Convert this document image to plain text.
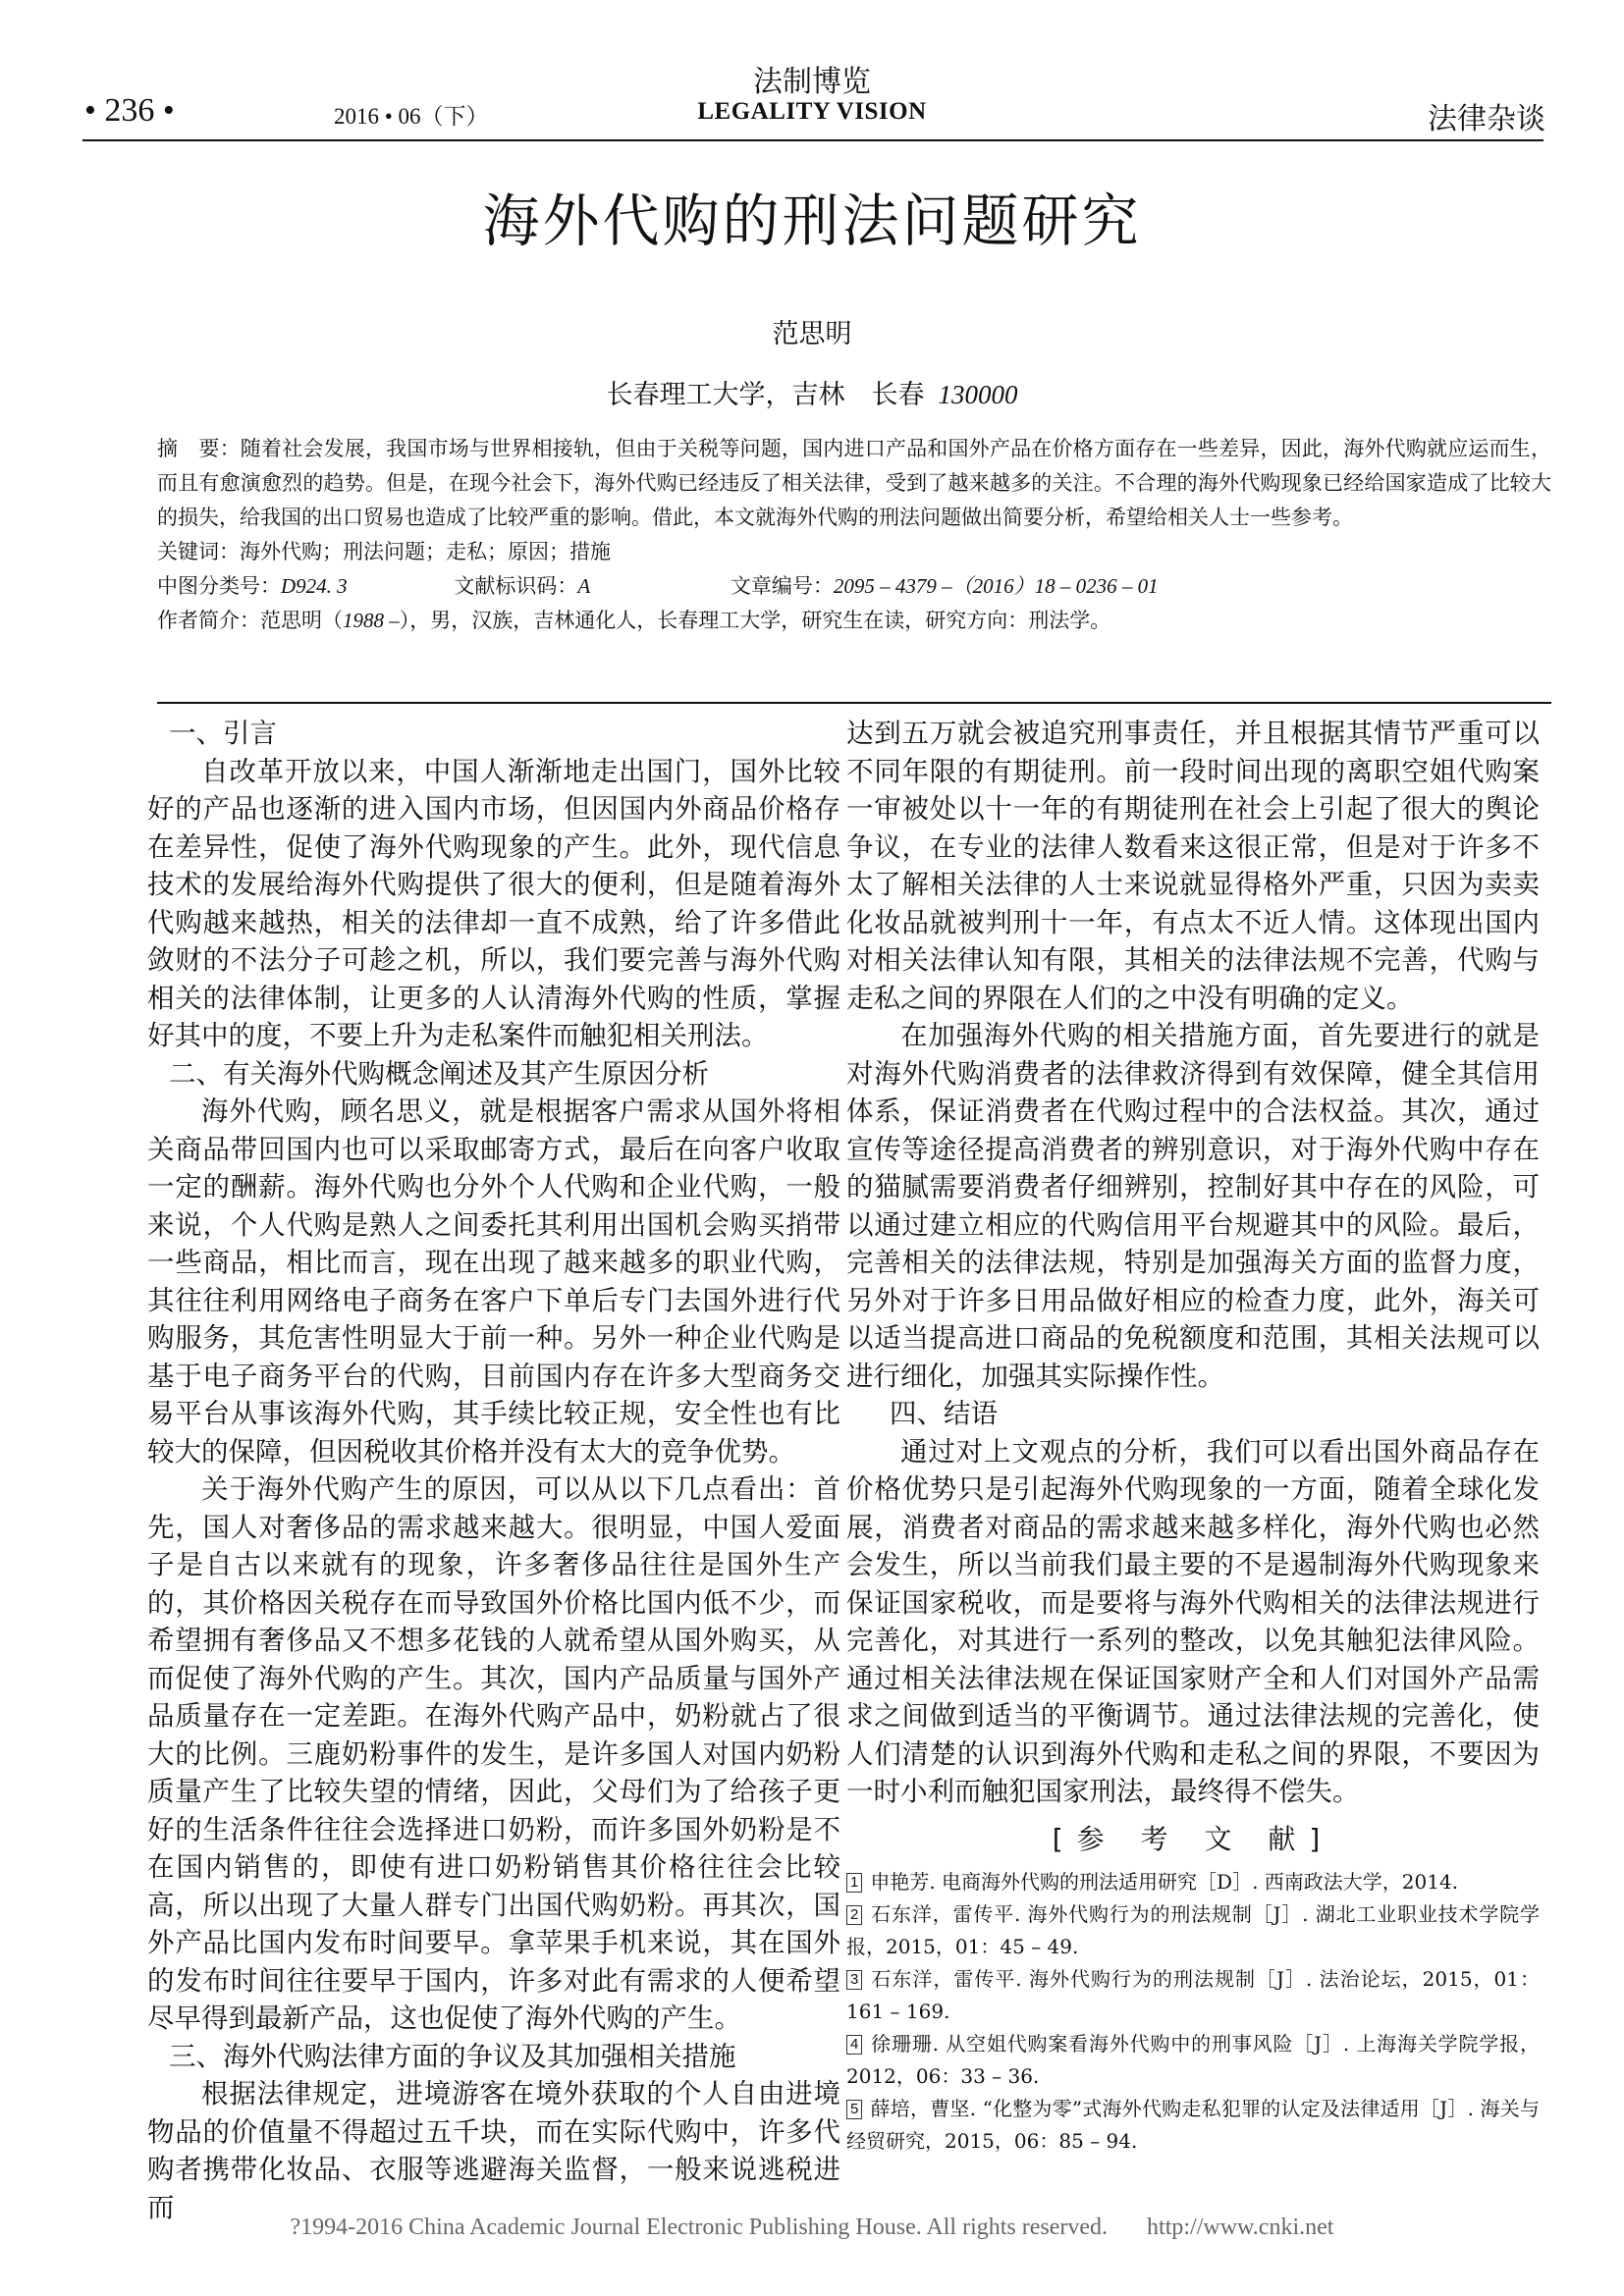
法制博览
• 236 •	2016 • 06（下）	LEGALITY VISION	法律杂谈
海外代购的刑法问题研究
范思明
长春理工大学，吉林　长春 130000
摘　要：随着社会发展，我国市场与世界相接轨，但由于关税等问题，国内进口产品和国外产品在价格方面存在一些差异，因此，海外代购就应运而生，而且有愈演愈烈的趋势。但是，在现今社会下，海外代购已经违反了相关法律，受到了越来越多的关注。不合理的海外代购现象已经给国家造成了比较大的损失，给我国的出口贸易也造成了比较严重的影响。借此，本文就海外代购的刑法问题做出简要分析，希望给相关人士一些参考。
关键词：海外代购；刑法问题；走私；原因；措施
中图分类号：D924. 3	文献标识码：A	文章编号：2095 – 4379 –（2016）18 – 0236 – 01
作者简介：范思明（1988 –），男，汉族，吉林通化人，长春理工大学，研究生在读，研究方向：刑法学。
一、引言

自改革开放以来，中国人渐渐地走出国门，国外比较好的产品也逐渐的进入国内市场，但因国内外商品价格存在差异性，促使了海外代购现象的产生。此外，现代信息技术的发展给海外代购提供了很大的便利，但是随着海外代购越来越热，相关的法律却一直不成熟，给了许多借此敛财的不法分子可趁之机，所以，我们要完善与海外代购相关的法律体制，让更多的人认清海外代购的性质，掌握好其中的度，不要上升为走私案件而触犯相关刑法。

二、有关海外代购概念阐述及其产生原因分析

海外代购，顾名思义，就是根据客户需求从国外将相关商品带回国内也可以采取邮寄方式，最后在向客户收取一定的酬薪。海外代购也分外个人代购和企业代购，一般来说，个人代购是熟人之间委托其利用出国机会购买捎带一些商品，相比而言，现在出现了越来越多的职业代购，其往往利用网络电子商务在客户下单后专门去国外进行代购服务，其危害性明显大于前一种。另外一种企业代购是基于电子商务平台的代购，目前国内存在许多大型商务交易平台从事该海外代购，其手续比较正规，安全性也有比较大的保障，但因税收其价格并没有太大的竞争优势。

关于海外代购产生的原因，可以从以下几点看出：首先，国人对奢侈品的需求越来越大。很明显，中国人爱面子是自古以来就有的现象，许多奢侈品往往是国外生产的，其价格因关税存在而导致国外价格比国内低不少，而希望拥有奢侈品又不想多花钱的人就希望从国外购买，从而促使了海外代购的产生。其次，国内产品质量与国外产品质量存在一定差距。在海外代购产品中，奶粉就占了很大的比例。三鹿奶粉事件的发生，是许多国人对国内奶粉质量产生了比较失望的情绪，因此，父母们为了给孩子更好的生活条件往往会选择进口奶粉，而许多国外奶粉是不在国内销售的，即使有进口奶粉销售其价格往往会比较高，所以出现了大量人群专门出国代购奶粉。再其次，国外产品比国内发布时间要早。拿苹果手机来说，其在国外的发布时间往往要早于国内，许多对此有需求的人便希望尽早得到最新产品，这也促使了海外代购的产生。

三、海外代购法律方面的争议及其加强相关措施

根据法律规定，进境游客在境外获取的个人自由进境物品的价值量不得超过五千块，而在实际代购中，许多代购者携带化妆品、衣服等逃避海关监督，一般来说逃税进而

达到五万就会被追究刑事责任，并且根据其情节严重可以不同年限的有期徒刑。前一段时间出现的离职空姐代购案一审被处以十一年的有期徒刑在社会上引起了很大的舆论争议，在专业的法律人数看来这很正常，但是对于许多不太了解相关法律的人士来说就显得格外严重，只因为卖卖化妆品就被判刑十一年，有点太不近人情。这体现出国内对相关法律认知有限，其相关的法律法规不完善，代购与走私之间的界限在人们的之中没有明确的定义。

在加强海外代购的相关措施方面，首先要进行的就是对海外代购消费者的法律救济得到有效保障，健全其信用体系，保证消费者在代购过程中的合法权益。其次，通过宣传等途径提高消费者的辨别意识，对于海外代购中存在的猫腻需要消费者仔细辨别，控制好其中存在的风险，可以通过建立相应的代购信用平台规避其中的风险。最后，完善相关的法律法规，特别是加强海关方面的监督力度，另外对于许多日用品做好相应的检查力度，此外，海关可以适当提高进口商品的免税额度和范围，其相关法规可以进行细化，加强其实际操作性。

四、结语

通过对上文观点的分析，我们可以看出国外商品存在价格优势只是引起海外代购现象的一方面，随着全球化发展，消费者对商品的需求越来越多样化，海外代购也必然会发生，所以当前我们最主要的不是遏制海外代购现象来保证国家税收，而是要将与海外代购相关的法律法规进行完善化，对其进行一系列的整改，以免其触犯法律风险。通过相关法律法规在保证国家财产全和人们对国外产品需求之间做到适当的平衡调节。通过法律法规的完善化，使人们清楚的认识到海外代购和走私之间的界限，不要因为一时小利而触犯国家刑法，最终得不偿失。

[参 考 文 献]
1 申艳芳. 电商海外代购的刑法适用研究［D］. 西南政法大学，2014.
2 石东洋，雷传平. 海外代购行为的刑法规制［J］. 湖北工业职业技术学院学报，2015，01：45 – 49.
3 石东洋，雷传平. 海外代购行为的刑法规制［J］. 法治论坛，2015，01：161 – 169.
4 徐珊珊. 从空姐代购案看海外代购中的刑事风险［J］. 上海海关学院学报，2012，06：33 – 36.
5 薛培，曹坚. “化整为零”式海外代购走私犯罪的认定及法律适用［J］. 海关与经贸研究，2015，06：85 – 94.
?1994-2016 China Academic Journal Electronic Publishing House. All rights reserved. http://www.cnki.net
